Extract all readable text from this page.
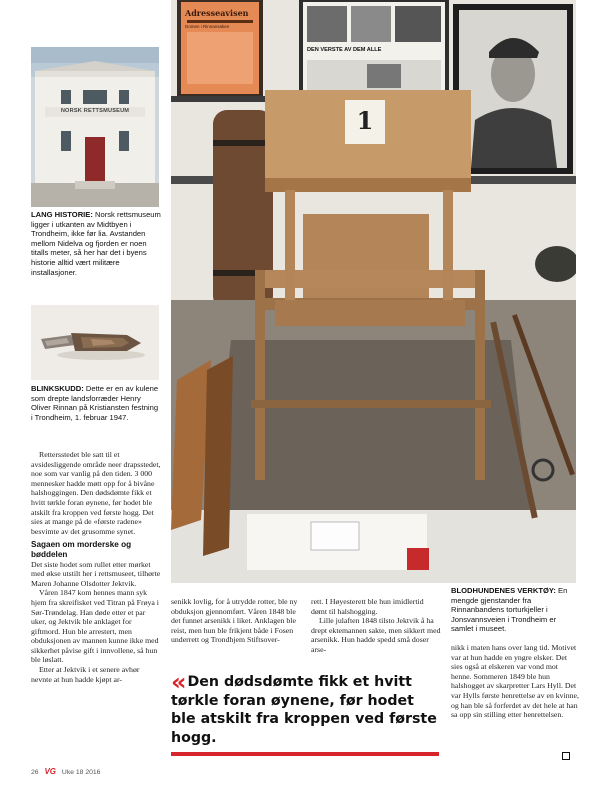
NORSK RETTSMUSEUM
LANG HISTORIE: Norsk rettsmuseum ligger i utkanten av Midtbyen i Trondheim, ikke før lia. Avstanden mellom Nidelva og fjorden er noen titalls meter, så her har det i byens historie alltid vært militære installasjoner.
BLINKSKUDD: Dette er en av kulene som drepte landsforræder Henry Oliver Rinnan på Kristiansten festning i Trondheim, 1. februar 1947.

Rettersstedet ble satt til et avsidesliggende område neer drapsstedet, noe som var vanlig på den tiden. 3 000 mennesker hadde møtt opp for å bivåne halshoggingen. Den dødsdømte fikk et hvitt tørkle foran øynene, før hodet ble atskilt fra kroppen ved første hogg. Det sies at mange på de «første radene» besvimte av det grusomme synet.

Sagaen om morderske og bøddelen

Det siste hodet som rullet etter mørket med økse utstilt her i rettsmuseet, tilhørte Maren Johanne Olsdotter Jektvik.

Våren 1847 kom hennes mann syk hjem fra skreifisket ved Titran på Frøya i Sør-Trøndelag. Han døde etter et par uker, og Jektvik ble anklaget for giftmord. Hun ble arrestert, men obduksjonen av mannen kunne ikke med sikkerhet påvise gift i innvollene, så hun ble løslatt.

Etter at Jektvik i et senere avhør nevnte at hun hadde kjøpt ar-

1
Adresseavisen
Domen i Rinnansaken
DEN VERSTE AV DEM ALLE
BLODHUNDENES VERKTØY: En mengde gjenstander fra Rinnanbandens torturkjeller i Jonsvannsveien i Trondheim er samlet i museet.

senikk lovlig, for å utrydde rotter, ble ny obduksjon gjennomført. Våren 1848 ble det funnet arsenikk i liket. Anklagen ble reist, men hun ble frikjent både i Fosen underrett og Trondhjem Stiftsover-

rett. I Høyesterett ble hun imidlertid dømt til halshogging.

Lille julaften 1848 tilsto Jektvik å ha drept ektemannen sakte, men sikkert med arsenikk. Hun hadde spedd små doser arse-	nikk i maten hans over lang tid. Motivet var at hun hadde en yngre elsker. Det sies også at elskeren var vond mot henne. Sommeren 1849 ble hun halshogget av skarpretter Lars Hyll. Det var Hylls første henrettelse av en kvinne, og han ble så forferdet av det hele at han sa opp sin stilling etter henrettelsen.

«Den dødsdømte fikk et hvitt tørkle foran øynene, før hodet ble atskilt fra kroppen ved første hogg.
26 VG Uke 18 2016
